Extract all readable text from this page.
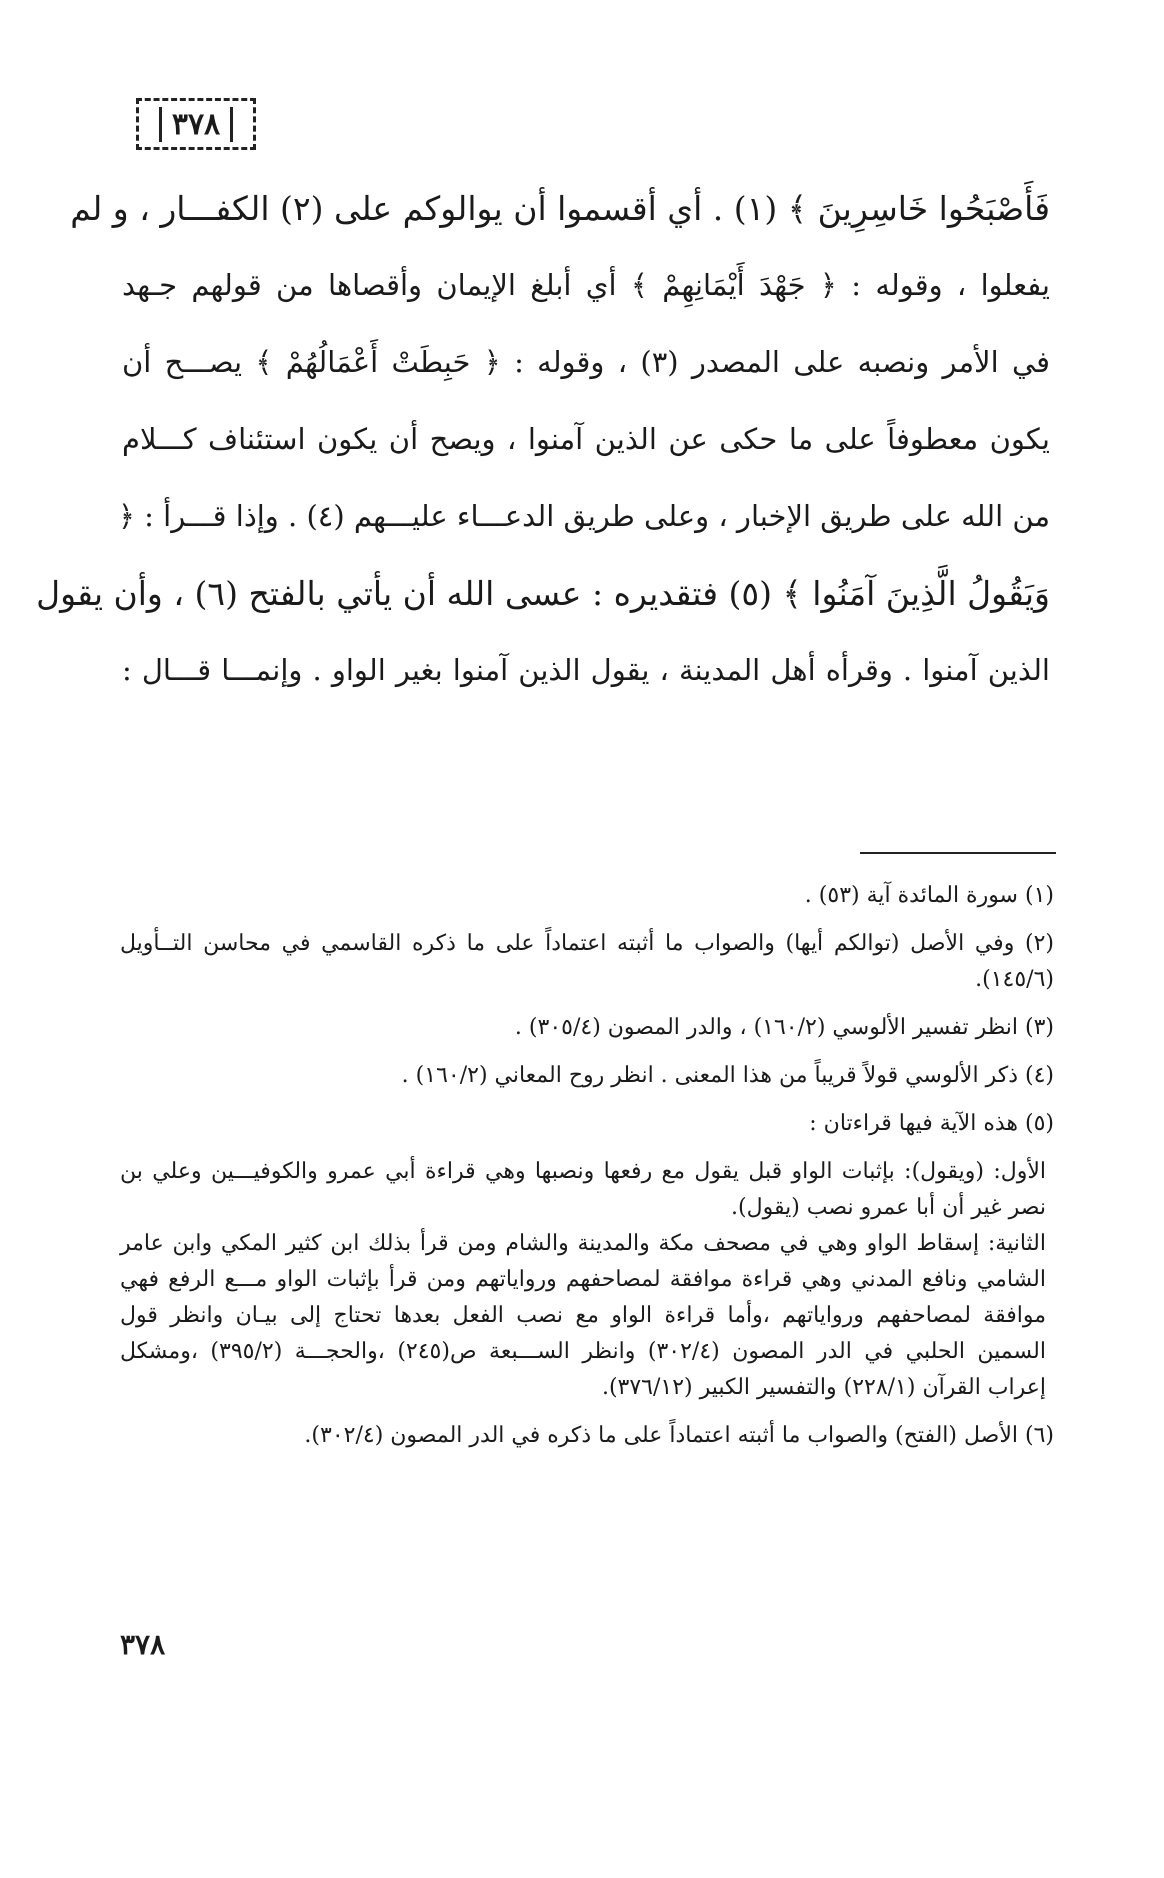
٣٧٨
فَأَصْبَحُوا خَاسِرِينَ ﴾ (١) . أي أقسموا أن يوالوكم على (٢) الكفـــار ، و لم
يفعلوا ، وقوله : ﴿ جَهْدَ أَيْمَانِهِمْ ﴾ أي أبلغ الإيمان وأقصاها من قولهم جـهد
في الأمر ونصبه على المصدر (٣) ، وقوله : ﴿ حَبِطَتْ أَعْمَالُهُمْ ﴾ يصـــح أن
يكون معطوفاً على ما حكى عن الذين آمنوا ، ويصح أن يكون استئناف كـــلام
من الله على طريق الإخبار ، وعلى طريق الدعـــاء عليـــهم (٤) . وإذا قـــرأ : ﴿
وَيَقُولُ الَّذِينَ آمَنُوا ﴾ (٥) فتقديره : عسى الله أن يأتي بالفتح (٦) ، وأن يقول
الذين آمنوا . وقرأه أهل المدينة ، يقول الذين آمنوا بغير الواو . وإنمـــا قـــال :

(١) سورة المائدة آية (٥٣) .

(٢) وفي الأصل (توالكم أيها) والصواب ما أثبته اعتماداً على ما ذكره القاسمي في محاسن التــأويل (١٤٥/٦).

(٣) انظر تفسير الألوسي (١٦٠/٢) ، والدر المصون (٣٠٥/٤) .

(٤) ذكر الألوسي قولاً قريباً من هذا المعنى . انظر روح المعاني (١٦٠/٢) .

(٥) هذه الآية فيها قراءتان :

الأول: (ويقول): بإثبات الواو قبل يقول مع رفعها ونصبها وهي قراءة أبي عمرو والكوفيـــين وعلي بن نصر غير أن أبا عمرو نصب (يقول).

الثانية: إسقاط الواو وهي في مصحف مكة والمدينة والشام ومن قرأ بذلك ابن كثير المكي وابن عامر الشامي ونافع المدني وهي قراءة موافقة لمصاحفهم ورواياتهم ومن قرأ بإثبات الواو مـــع الرفع فهي موافقة لمصاحفهم ورواياتهم ،وأما قراءة الواو مع نصب الفعل بعدها تحتاج إلى بيـان وانظر قول السمين الحلبي في الدر المصون (٣٠٢/٤) وانظر الســـبعة ص(٢٤٥) ،والحجـــة (٣٩٥/٢) ،ومشكل إعراب القرآن (٢٢٨/١) والتفسير الكبير (٣٧٦/١٢).

(٦) الأصل (الفتح) والصواب ما أثبته اعتماداً على ما ذكره في الدر المصون (٣٠٢/٤).

٣٧٨
